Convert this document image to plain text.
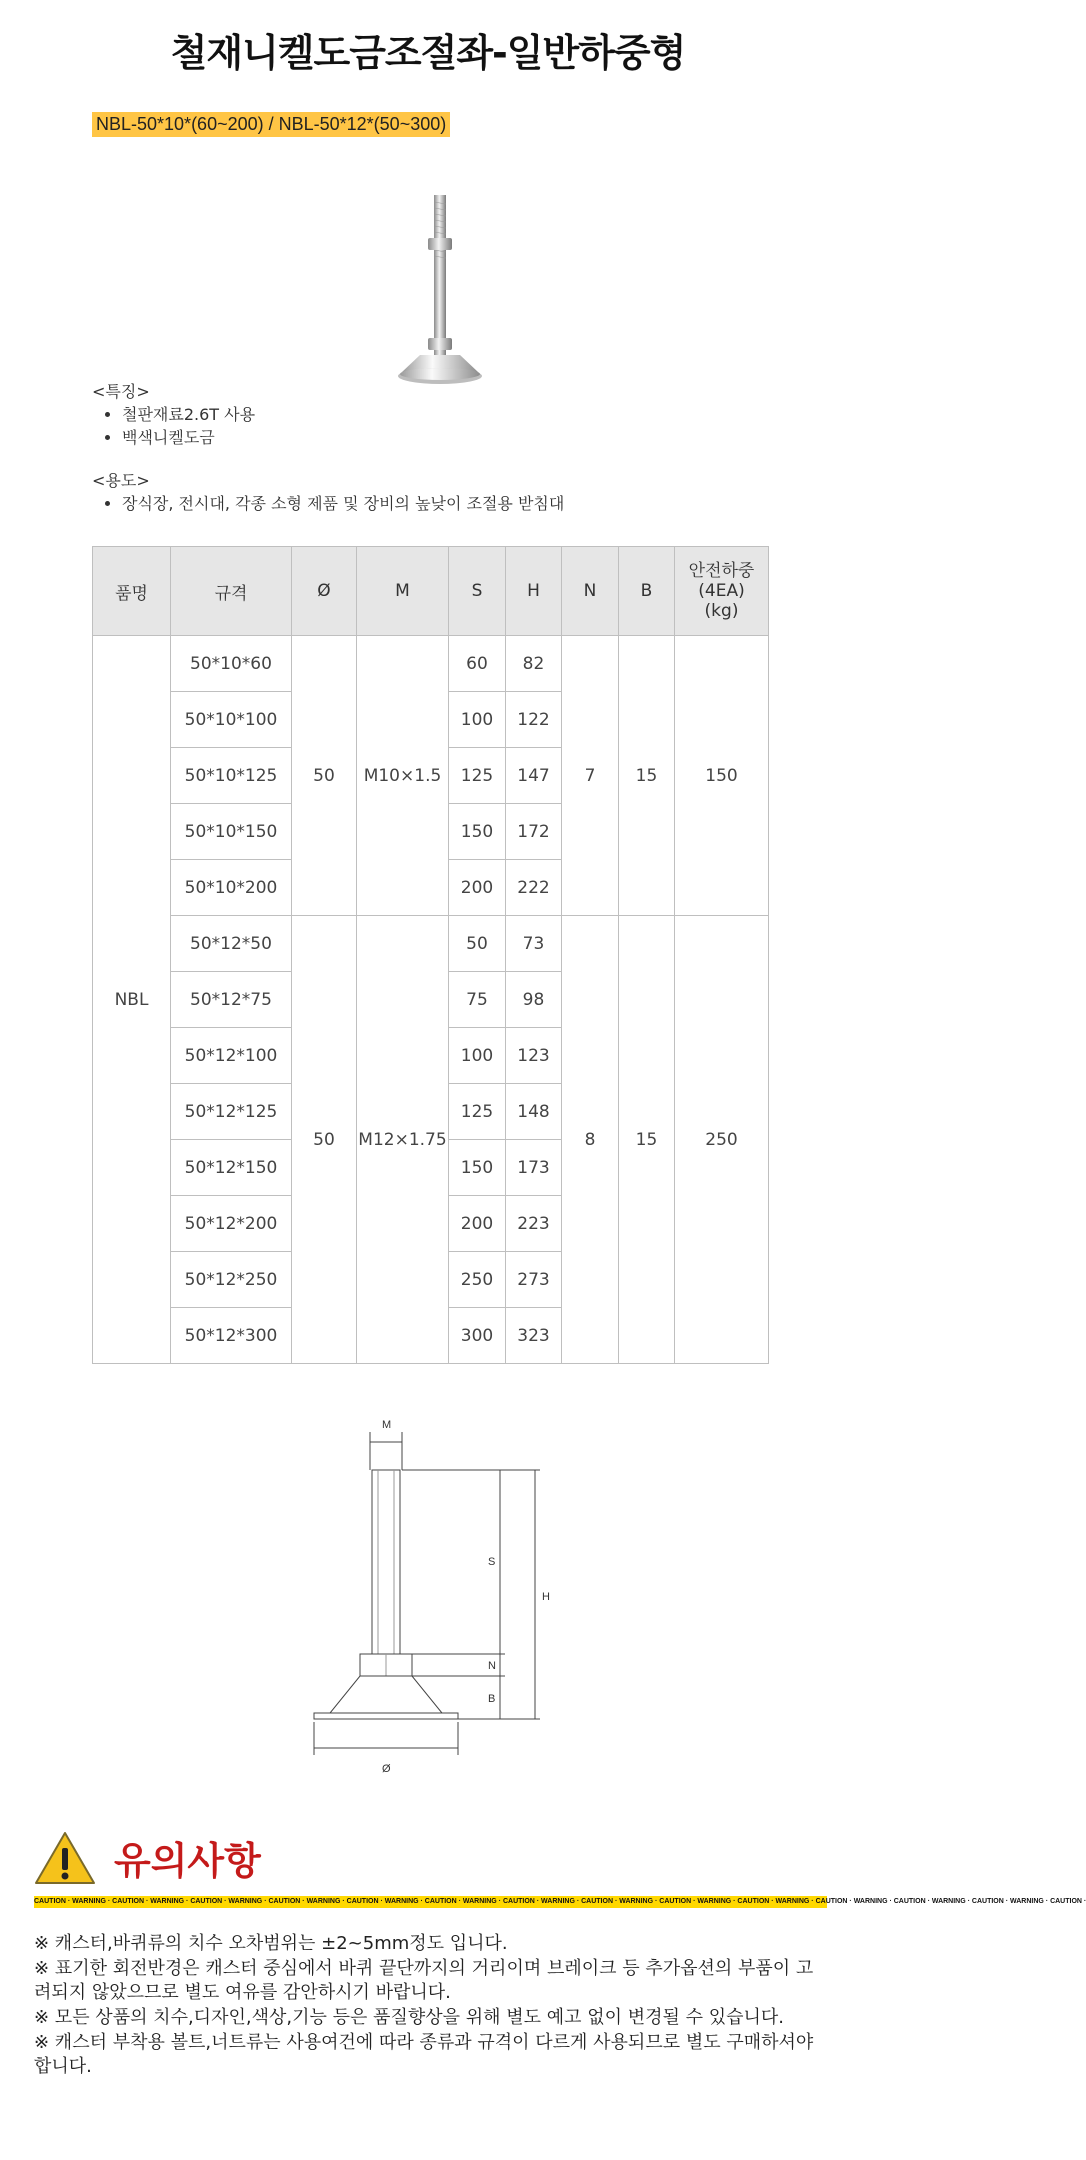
철재니켈도금조절좌-일반하중형
NBL-50*10*(60~200) / NBL-50*12*(50~300)
<특징>
• 철판재료2.6T 사용
• 백색니켈도금
<용도>
• 장식장, 전시대, 각종 소형 제품 및 장비의 높낮이 조절용 받침대
품명	규격	Ø	M	S	H	N	B	안전하중
(4EA)
(kg)
NBL	50*10*60	50	M10×1.5	60	82	7	15	150
	50*10*100			100	122			
	50*10*125			125	147			
	50*10*150			150	172			
	50*10*200			200	222			
	50*12*50	50	M12×1.75	50	73	8	15	250
	50*12*75			75	98			
	50*12*100			100	123			
	50*12*125			125	148			
	50*12*150			150	173			
	50*12*200			200	223			
	50*12*250			250	273			
	50*12*300			300	323			
M
S
N
B
H
Ø
유의사항
CAUTION · WARNING · CAUTION · WARNING · CAUTION · WARNING · CAUTION · WARNING · CAUTION · WARNING · CAUTION · WARNING · CAUTION · WARNING · CAUTION · WARNING · CAUTION · WARNING · CAUTION · WARNING · CAUTION · WARNING · CAUTION · WARNING · CAUTION · WARNING · CAUTION ·

※ 캐스터,바퀴류의 치수 오차범위는 ±2~5mm정도 입니다.

※ 표기한 회전반경은 캐스터 중심에서 바퀴 끝단까지의 거리이며 브레이크 등 추가옵션의 부품이 고려되지 않았으므로 별도 여유를 감안하시기 바랍니다.

※ 모든 상품의 치수,디자인,색상,기능 등은 품질향상을 위해 별도 예고 없이 변경될 수 있습니다.

※ 캐스터 부착용 볼트,너트류는 사용여건에 따라 종류과 규격이 다르게 사용되므로 별도 구매하셔야합니다.
